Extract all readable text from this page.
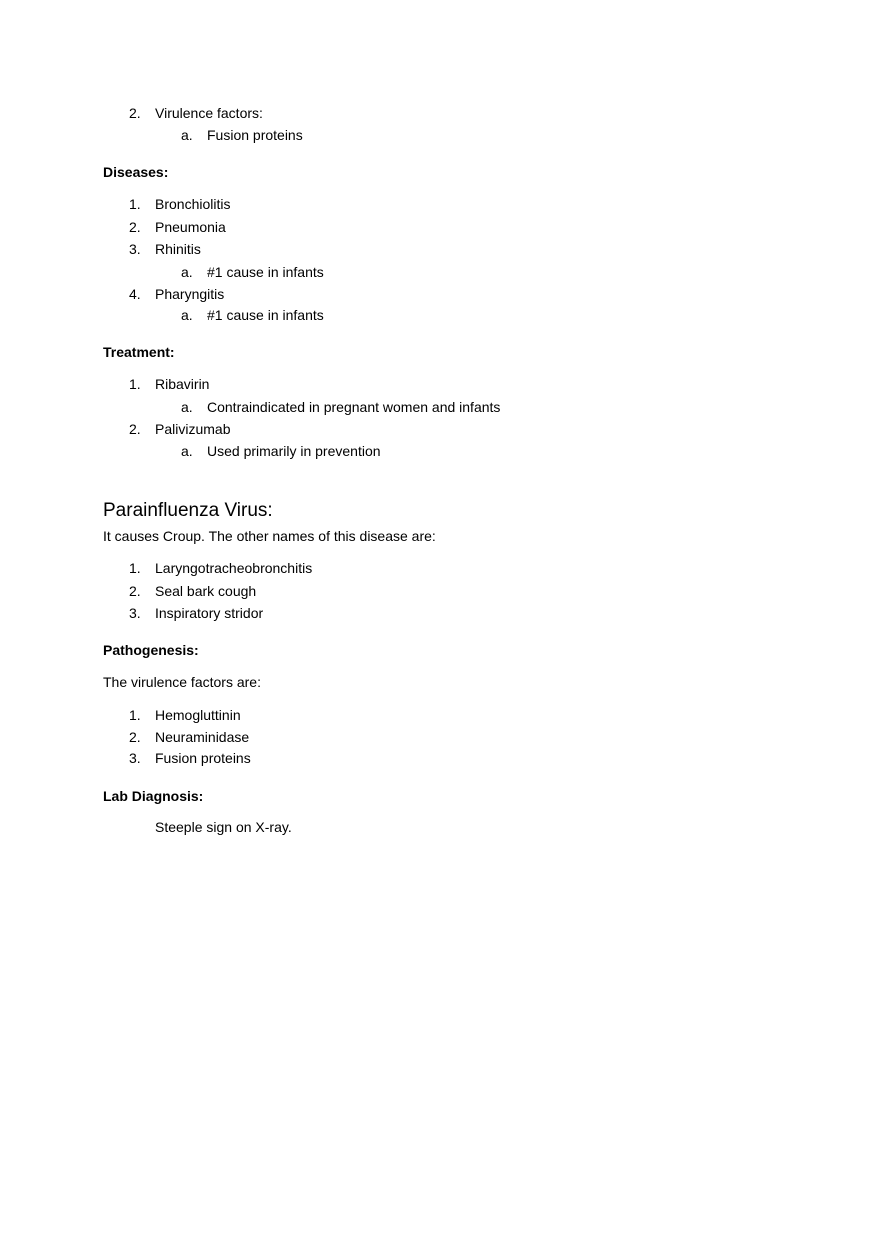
2. Virulence factors:
a. Fusion proteins
Diseases:
1. Bronchiolitis
2. Pneumonia
3. Rhinitis
a. #1 cause in infants
4. Pharyngitis
a. #1 cause in infants
Treatment:
1. Ribavirin
a. Contraindicated in pregnant women and infants
2. Palivizumab
a. Used primarily in prevention
Parainfluenza Virus:
It causes Croup. The other names of this disease are:
1. Laryngotracheobronchitis
2. Seal bark cough
3. Inspiratory stridor
Pathogenesis:
The virulence factors are:
1. Hemogluttinin
2. Neuraminidase
3. Fusion proteins
Lab Diagnosis:
Steeple sign on X-ray.
